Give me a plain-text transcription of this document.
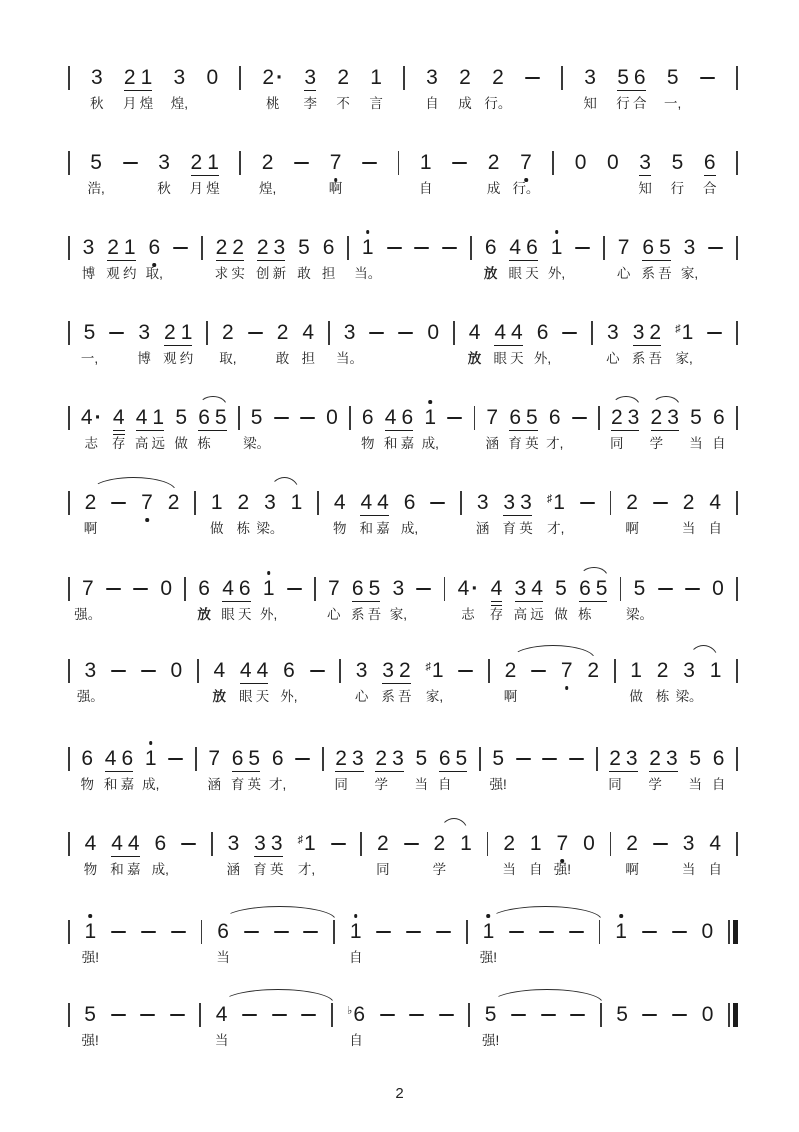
3
秋
2
月
1
煌
3
煌,
0 2 ·
桃
3
李
2
不
1
言
3
自
2
成
2
行。
3
知
5
行
6
合
5
一,
5
浩,
3
秋
2
月
1
煌
2
煌,
7
啊
1
自
2
成
7
行。
0 0 3
知
5
行
6
合
3
博
2
观
1
约
6
取,
2
求
2
实
2
创
3
新
5
敢
6
担
1
当。
6
放
4
眼
6
天
1
外,
7
心
6
系
5
吾
3
家,
5
一,
3
博
2
观
1
约
2
取,
2
敢
4
担
3
当。
0 4
放
4
眼
4
天
6
外,
3
心
3
系
2
吾
♯ 1
家,
4 ·
志
4
存
4
高
1
远
5
做
6
栋
5 5
梁。
0 6
物
4
和
6
嘉
1
成,
7
涵
6
育
5
英
6
才,
2
同
3 2
学
3 5
当
6
自
2
啊
7 2 1
做
2
栋
3
梁。
1 4
物
4
和
4
嘉
6
成,
3
涵
3
育
3
英
♯ 1
才,
2
啊
2
当
4
自
7
强。
0 6
放
4
眼
6
天
1
外,
7
心
6
系
5
吾
3
家,
4 ·
志
4
存
3
高
4
远
5
做
6
栋
5 5
梁。
0
3
强。
0 4
放
4
眼
4
天
6
外,
3
心
3
系
2
吾
♯ 1
家,
2
啊
7 2 1
做
2
栋
3
梁。
1
6
物
4
和
6
嘉
1
成,
7
涵
6
育
5
英
6
才,
2
同
3 2
学
3 5
当
6
自
5 5
强!
2
同
3 2
学
3 5
当
6
自
4
物
4
和
4
嘉
6
成,
3
涵
3
育
3
英
♯ 1
才,
2
同
2
学
1 2
当
1
自
7
强!
0 2
啊
3
当
4
自
1
强!
6
当
1
自
1
强!
1	0
5
强!
4
当
♭ 6
自
5
强!
5	0
2
